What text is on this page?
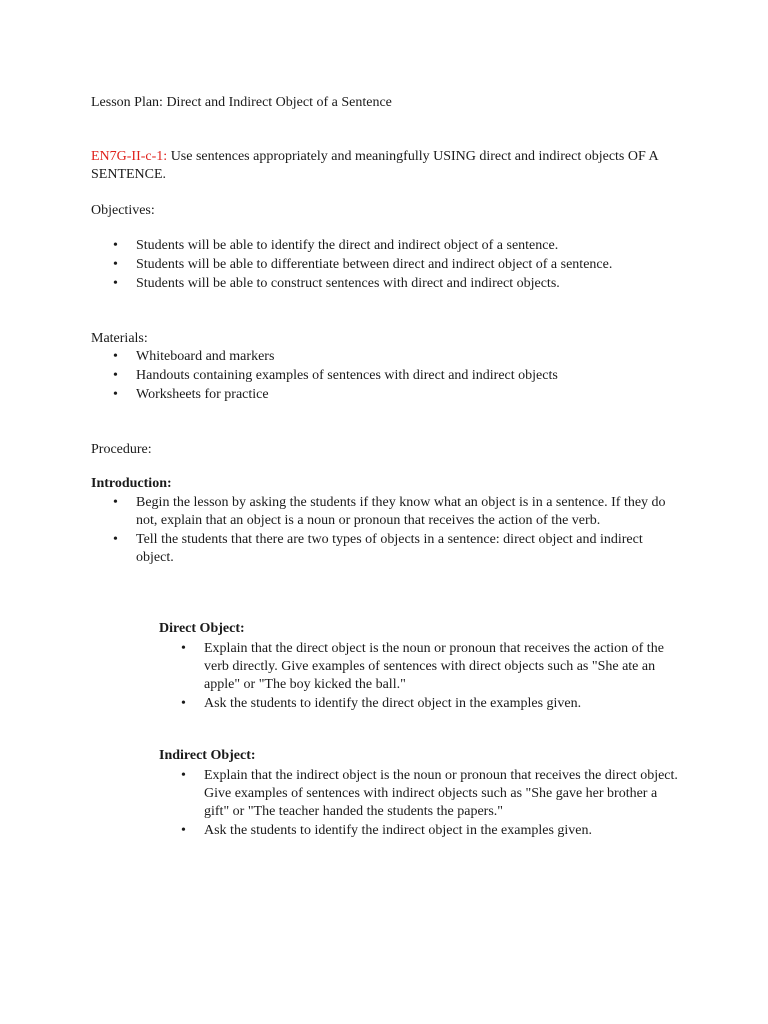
Lesson Plan: Direct and Indirect Object of a Sentence

EN7G-II-c-1: Use sentences appropriately and meaningfully USING direct and indirect objects OF A SENTENCE.

Objectives:

• Students will be able to identify the direct and indirect object of a sentence.
• Students will be able to differentiate between direct and indirect object of a sentence.
• Students will be able to construct sentences with direct and indirect objects.

Materials:

• Whiteboard and markers
• Handouts containing examples of sentences with direct and indirect objects
• Worksheets for practice

Procedure:

Introduction:

• Begin the lesson by asking the students if they know what an object is in a sentence. If they do not, explain that an object is a noun or pronoun that receives the action of the verb.
• Tell the students that there are two types of objects in a sentence: direct object and indirect object.

Direct Object:

• Explain that the direct object is the noun or pronoun that receives the action of the verb directly. Give examples of sentences with direct objects such as "She ate an apple" or "The boy kicked the ball."
• Ask the students to identify the direct object in the examples given.

Indirect Object:

• Explain that the indirect object is the noun or pronoun that receives the direct object. Give examples of sentences with indirect objects such as "She gave her brother a gift" or "The teacher handed the students the papers."
• Ask the students to identify the indirect object in the examples given.
